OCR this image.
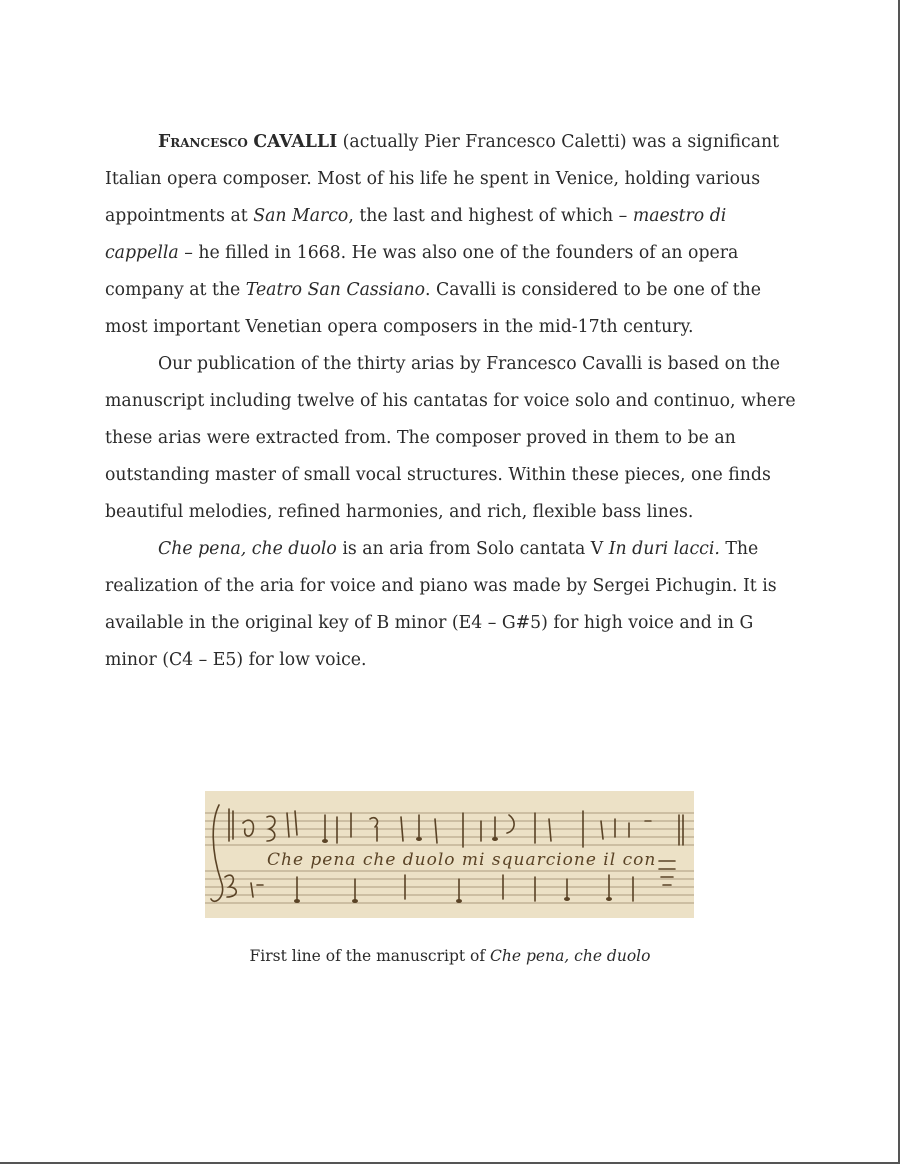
Francesco CAVALLI (actually Pier Francesco Caletti) was a significant Italian opera composer. Most of his life he spent in Venice, holding various appointments at San Marco, the last and highest of which – maestro di cappella – he filled in 1668. He was also one of the founders of an opera company at the Teatro San Cassiano. Cavalli is considered to be one of the most important Venetian opera composers in the mid-17th century.

Our publication of the thirty arias by Francesco Cavalli is based on the manuscript including twelve of his cantatas for voice solo and continuo, where these arias were extracted from. The composer proved in them to be an outstanding master of small vocal structures. Within these pieces, one finds beautiful melodies, refined harmonies, and rich, flexible bass lines.

Che pena, che duolo is an aria from Solo cantata V In duri lacci. The realization of the aria for voice and piano was made by Sergei Pichugin. It is available in the original key of B minor (E4 – G#5) for high voice and in G minor (C4 – E5) for low voice.

Che pena che duolo mi squarcione il con
First line of the manuscript of Che pena, che duolo
